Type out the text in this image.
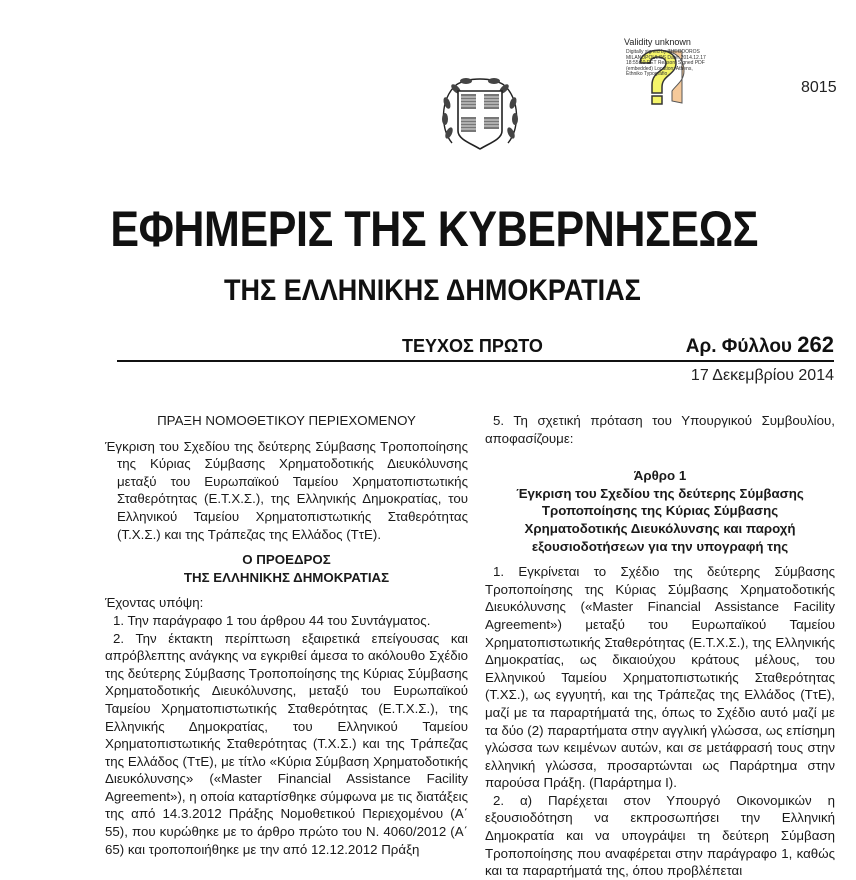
Validity unknown
Digitally signed by THEODOROS MILANOPOULOS Date: 2014.12.17 18:55:40 EET Reason: Signed PDF (embedded) Location: Athens, Ethniko Typografio
8015
ΕΦΗΜΕΡΙΣ ΤΗΣ ΚΥΒΕΡΝΗΣΕΩΣ
ΤΗΣ ΕΛΛΗΝΙΚΗΣ ΔΗΜΟΚΡΑΤΙΑΣ
ΤΕΥΧΟΣ ΠΡΩΤΟ	Αρ. Φύλλου 262
17 Δεκεμβρίου 2014

ΠΡΑΞΗ ΝΟΜΟΘΕΤΙΚΟΥ ΠΕΡΙΕΧΟΜΕΝΟΥ

Έγκριση του Σχεδίου της δεύτερης Σύμβασης Τροποποίησης της Κύριας Σύμβασης Χρηματοδοτικής Διευκόλυνσης μεταξύ του Ευρωπαϊκού Ταμείου Χρηματοπιστωτικής Σταθερότητας (Ε.Τ.Χ.Σ.), της Ελληνικής Δημοκρατίας, του Ελληνικού Ταμείου Χρηματοπιστωτικής Σταθερότητας (Τ.Χ.Σ.) και της Τράπεζας της Ελλάδος (ΤτΕ).

Ο ΠΡΟΕΔΡΟΣ

ΤΗΣ ΕΛΛΗΝΙΚΗΣ ΔΗΜΟΚΡΑΤΙΑΣ

Έχοντας υπόψη:

1. Την παράγραφο 1 του άρθρου 44 του Συντάγματος.

2. Την έκτακτη περίπτωση εξαιρετικά επείγουσας και απρόβλεπτης ανάγκης να εγκριθεί άμεσα το ακόλουθο Σχέδιο της δεύτερης Σύμβασης Τροποποίησης της Κύριας Σύμβασης Χρηματοδοτικής Διευκόλυνσης, μεταξύ του Ευρωπαϊκού Ταμείου Χρηματοπιστωτικής Σταθερότητας (Ε.Τ.Χ.Σ.), της Ελληνικής Δημοκρατίας, του Ελληνικού Ταμείου Χρηματοπιστωτικής Σταθερότητας (Τ.Χ.Σ.) και της Τράπεζας της Ελλάδος (ΤτΕ), με τίτλο «Κύρια Σύμβαση Χρηματοδοτικής Διευκόλυνσης» («Master Financial Assistance Facility Agreement»), η οποία καταρτίσθηκε σύμφωνα με τις διατάξεις της από 14.3.2012 Πράξης Νομοθετικού Περιεχομένου (Α΄ 55), που κυρώθηκε με το άρθρο πρώτο του Ν. 4060/2012 (Α΄ 65) και τροποποιήθηκε με την από 12.12.2012 Πράξη

5. Τη σχετική πρόταση του Υπουργικού Συμβουλίου, αποφασίζουμε:

Άρθρο 1

Έγκριση του Σχεδίου της δεύτερης Σύμβασης Τροποποίησης της Κύριας Σύμβασης Χρηματοδοτικής Διευκόλυνσης και παροχή εξουσιοδοτήσεων για την υπογραφή της

1. Εγκρίνεται το Σχέδιο της δεύτερης Σύμβασης Τροποποίησης της Κύριας Σύμβασης Χρηματοδοτικής Διευκόλυνσης («Master Financial Assistance Facility Agreement») μεταξύ του Ευρωπαϊκού Ταμείου Χρηματοπιστωτικής Σταθερότητας (Ε.Τ.Χ.Σ.), της Ελληνικής Δημοκρατίας, ως δικαιούχου κράτους μέλους, του Ελληνικού Ταμείου Χρηματοπιστωτικής Σταθερότητας (Τ.ΧΣ.), ως εγγυητή, και της Τράπεζας της Ελλάδος (ΤτΕ), μαζί με τα παραρτήματά της, όπως το Σχέδιο αυτό μαζί με τα δύο (2) παραρτήματα στην αγγλική γλώσσα, ως επίσημη γλώσσα των κειμένων αυτών, και σε μετάφρασή τους στην ελληνική γλώσσα, προσαρτώνται ως Παράρτημα στην παρούσα Πράξη. (Παράρτημα Ι).

2. α) Παρέχεται στον Υπουργό Οικονομικών η εξουσιοδότηση να εκπροσωπήσει την Ελληνική Δημοκρατία και να υπογράψει τη δεύτερη Σύμβαση Τροποποίησης που αναφέρεται στην παράγραφο 1, καθώς και τα παραρτήματά της, όπου προβλέπεται
